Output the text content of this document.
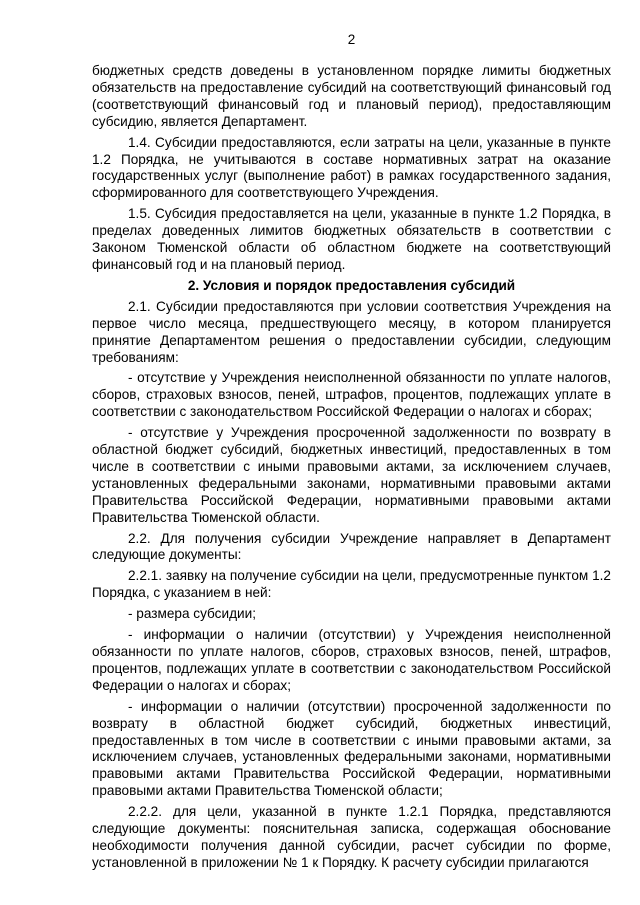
2

бюджетных средств доведены в установленном порядке лимиты бюджетных обязательств на предоставление субсидий на соответствующий финансовый год (соответствующий финансовый год и плановый период), предоставляющим субсидию, является Департамент.

1.4. Субсидии предоставляются, если затраты на цели, указанные в пункте 1.2 Порядка, не учитываются в составе нормативных затрат на оказание государственных услуг (выполнение работ) в рамках государственного задания, сформированного для соответствующего Учреждения.

1.5. Субсидия предоставляется на цели, указанные в пункте 1.2 Порядка, в пределах доведенных лимитов бюджетных обязательств в соответствии с Законом Тюменской области об областном бюджете на соответствующий финансовый год и на плановый период.

2. Условия и порядок предоставления субсидий

2.1. Субсидии предоставляются при условии соответствия Учреждения на первое число месяца, предшествующего месяцу, в котором планируется принятие Департаментом решения о предоставлении субсидии, следующим требованиям:

- отсутствие у Учреждения неисполненной обязанности по уплате налогов, сборов, страховых взносов, пеней, штрафов, процентов, подлежащих уплате в соответствии с законодательством Российской Федерации о налогах и сборах;

- отсутствие у Учреждения просроченной задолженности по возврату в областной бюджет субсидий, бюджетных инвестиций, предоставленных в том числе в соответствии с иными правовыми актами, за исключением случаев, установленных федеральными законами, нормативными правовыми актами Правительства Российской Федерации, нормативными правовыми актами Правительства Тюменской области.

2.2. Для получения субсидии Учреждение направляет в Департамент следующие документы:

2.2.1. заявку на получение субсидии на цели, предусмотренные пунктом 1.2 Порядка, с указанием в ней:

- размера субсидии;

- информации о наличии (отсутствии) у Учреждения неисполненной обязанности по уплате налогов, сборов, страховых взносов, пеней, штрафов, процентов, подлежащих уплате в соответствии с законодательством Российской Федерации о налогах и сборах;

- информации о наличии (отсутствии) просроченной задолженности по возврату в областной бюджет субсидий, бюджетных инвестиций, предоставленных в том числе в соответствии с иными правовыми актами, за исключением случаев, установленных федеральными законами, нормативными правовыми актами Правительства Российской Федерации, нормативными правовыми актами Правительства Тюменской области;

2.2.2. для цели, указанной в пункте 1.2.1 Порядка, представляются следующие документы: пояснительная записка, содержащая обоснование необходимости получения данной субсидии, расчет субсидии по форме, установленной в приложении № 1 к Порядку. К расчету субсидии прилагаются
